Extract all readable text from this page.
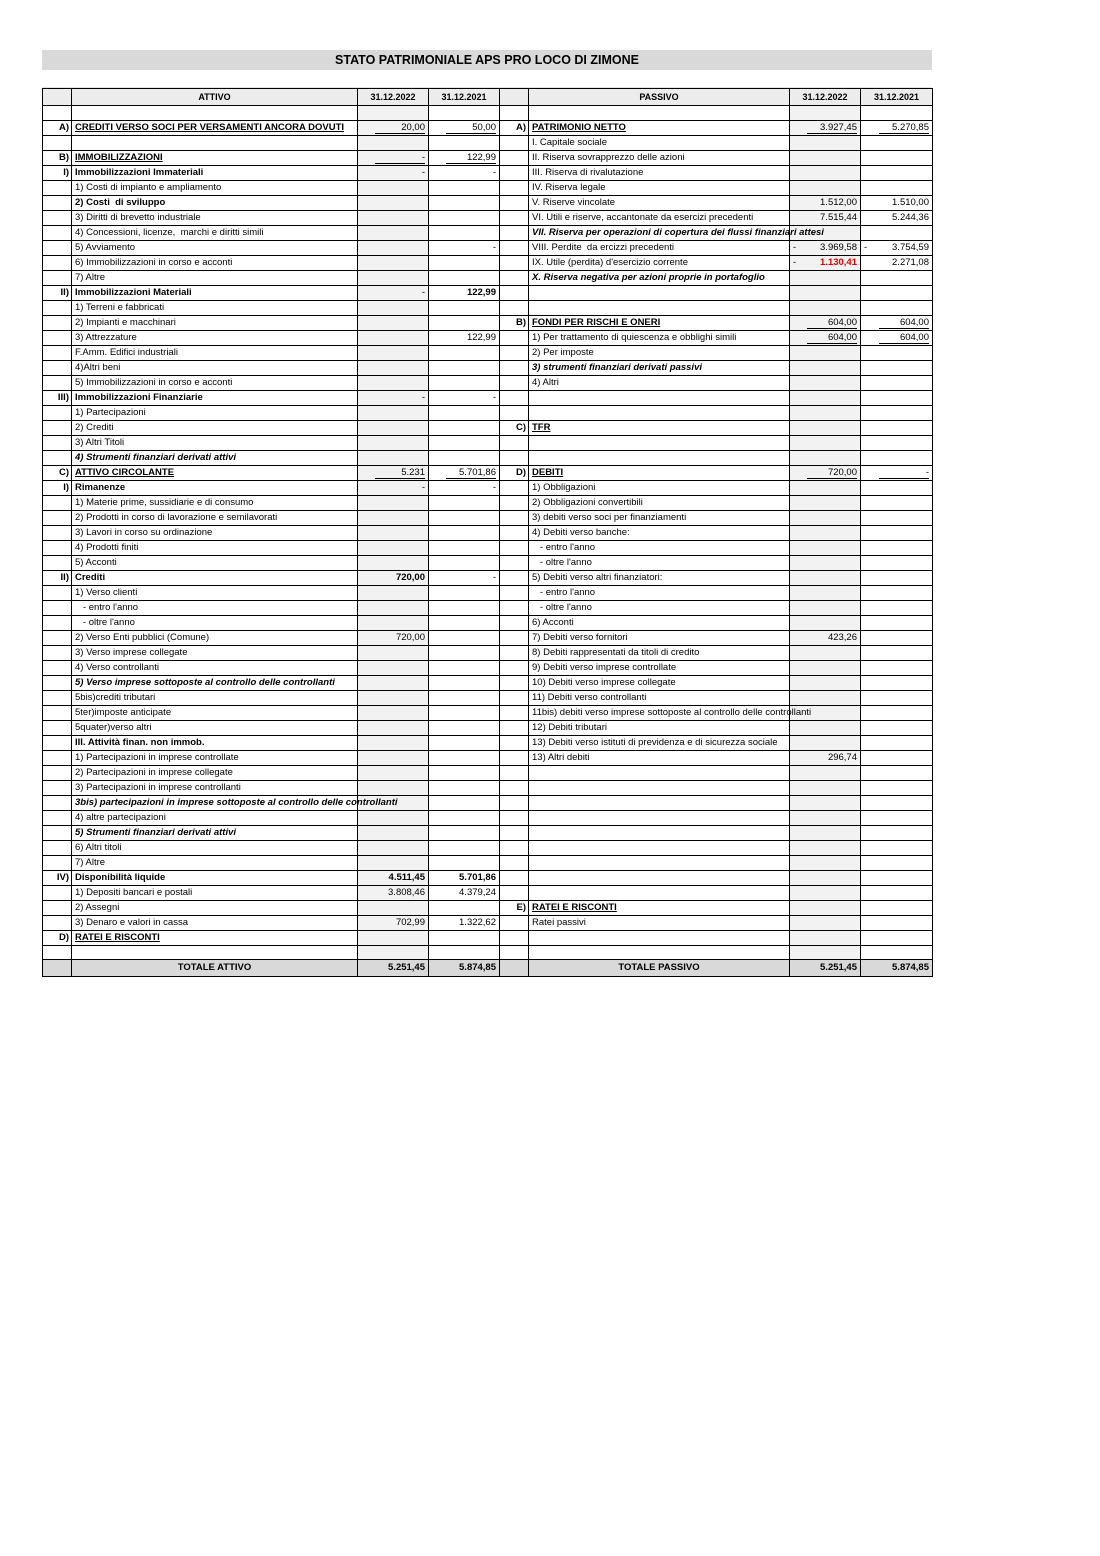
STATO PATRIMONIALE APS PRO LOCO DI ZIMONE
	ATTIVO	31.12.2022	31.12.2021		PASSIVO	31.12.2022	31.12.2021

A)	CREDITI VERSO SOCI PER VERSAMENTI ANCORA DOVUTI	20,00	50,00	A)	PATRIMONIO NETTO	3.927,45	5.270,85
					I. Capitale sociale		
B)	IMMOBILIZZAZIONI	-	122,99		II. Riserva sovrapprezzo delle azioni		
I)	Immobilizzazioni Immateriali	-	-		III. Riserva di rivalutazione		
	1) Costi di impianto e ampliamento				IV. Riserva legale		
	2) Costi  di sviluppo				V. Riserve vincolate	1.512,00	1.510,00
	3) Diritti di brevetto industriale				VI. Utili e riserve, accantonate da esercizi precedenti	7.515,44	5.244,36
	4) Concessioni, licenze,  marchi e diritti simili				VII. Riserva per operazioni di copertura dei flussi finanziari attesi		
	5) Avviamento		-		VIII. Perdite  da ercizzi precedenti	- 3.969,58	- 3.754,59
	6) Immobilizzazioni in corso e acconti				IX. Utile (perdita) d'esercizio corrente	- 1.130,41	2.271,08
	7) Altre				X. Riserva negativa per azioni proprie in portafoglio		
II)	Immobilizzazioni Materiali	-	122,99				
	1) Terreni e fabbricati						
	2) Impianti e macchinari			B)	FONDI PER RISCHI E ONERI	604,00	604,00
	3) Attrezzature		122,99		1) Per trattamento di quiescenza e obblighi simili	604,00	604,00
	F.Amm. Edifici industriali				2) Per imposte		
	4)Altri beni				3) strumenti finanziari derivati passivi		
	5) Immobilizzazioni in corso e acconti				4) Altri		
III)	Immobilizzazioni Finanziarie	-	-				
	1) Partecipazioni						
	2) Crediti			C)	TFR		
	3) Altri Titoli						
	4) Strumenti finanziari derivati attivi						
C)	ATTIVO CIRCOLANTE	5.231	5.701,86	D)	DEBITI	720,00	-
I)	Rimanenze	-	-		1) Obbligazioni		
	1) Materie prime, sussidiarie e di consumo				2) Obbligazioni convertibili		
	2) Prodotti in corso di lavorazione e semilavorati				3) debiti verso soci per finanziamenti		
	3) Lavori in corso su ordinazione				4) Debiti verso banche:		
	4) Prodotti finiti				- entro l'anno		
	5) Acconti				- oltre l'anno		
II)	Crediti	720,00	-		5) Debiti verso altri finanziatori:		
	1) Verso clienti				- entro l'anno		
	- entro l'anno				- oltre l'anno		
	- oltre l'anno				6) Acconti		
	2) Verso Enti pubblici (Comune)	720,00			7) Debiti verso fornitori	423,26	
	3) Verso imprese collegate				8) Debiti rappresentati da titoli di credito		
	4) Verso controllanti				9) Debiti verso imprese controllate		
	5) Verso imprese sottoposte al controllo delle controllanti				10) Debiti verso imprese collegate		
	5bis)crediti tributari				11) Debiti verso controllanti		
	5ter)imposte anticipate				11bis) debiti verso imprese sottoposte al controllo delle controllanti		
	5quater)verso altri				12) Debiti tributari		
	III. Attività finan. non immob.				13) Debiti verso istituti di previdenza e di sicurezza sociale		
	1) Partecipazioni in imprese controllate				13) Altri debiti	296,74	
	2) Partecipazioni in imprese collegate						
	3) Partecipazioni in imprese controllanti						
	3bis) partecipazioni in imprese sottoposte al controllo delle controllanti						
	4) altre partecipazioni						
	5) Strumenti finanziari derivati attivi						
	6) Altri titoli						
	7) Altre						
IV)	Disponibilità liquide	4.511,45	5.701,86				
	1) Depositi bancari e postali	3.808,46	4.379,24				
	2) Assegni			E)	RATEI E RISCONTI		
	3) Denaro e valori in cassa	702,99	1.322,62		Ratei passivi		
D)	RATEI E RISCONTI						

	TOTALE ATTIVO	5.251,45	5.874,85		TOTALE PASSIVO	5.251,45	5.874,85
